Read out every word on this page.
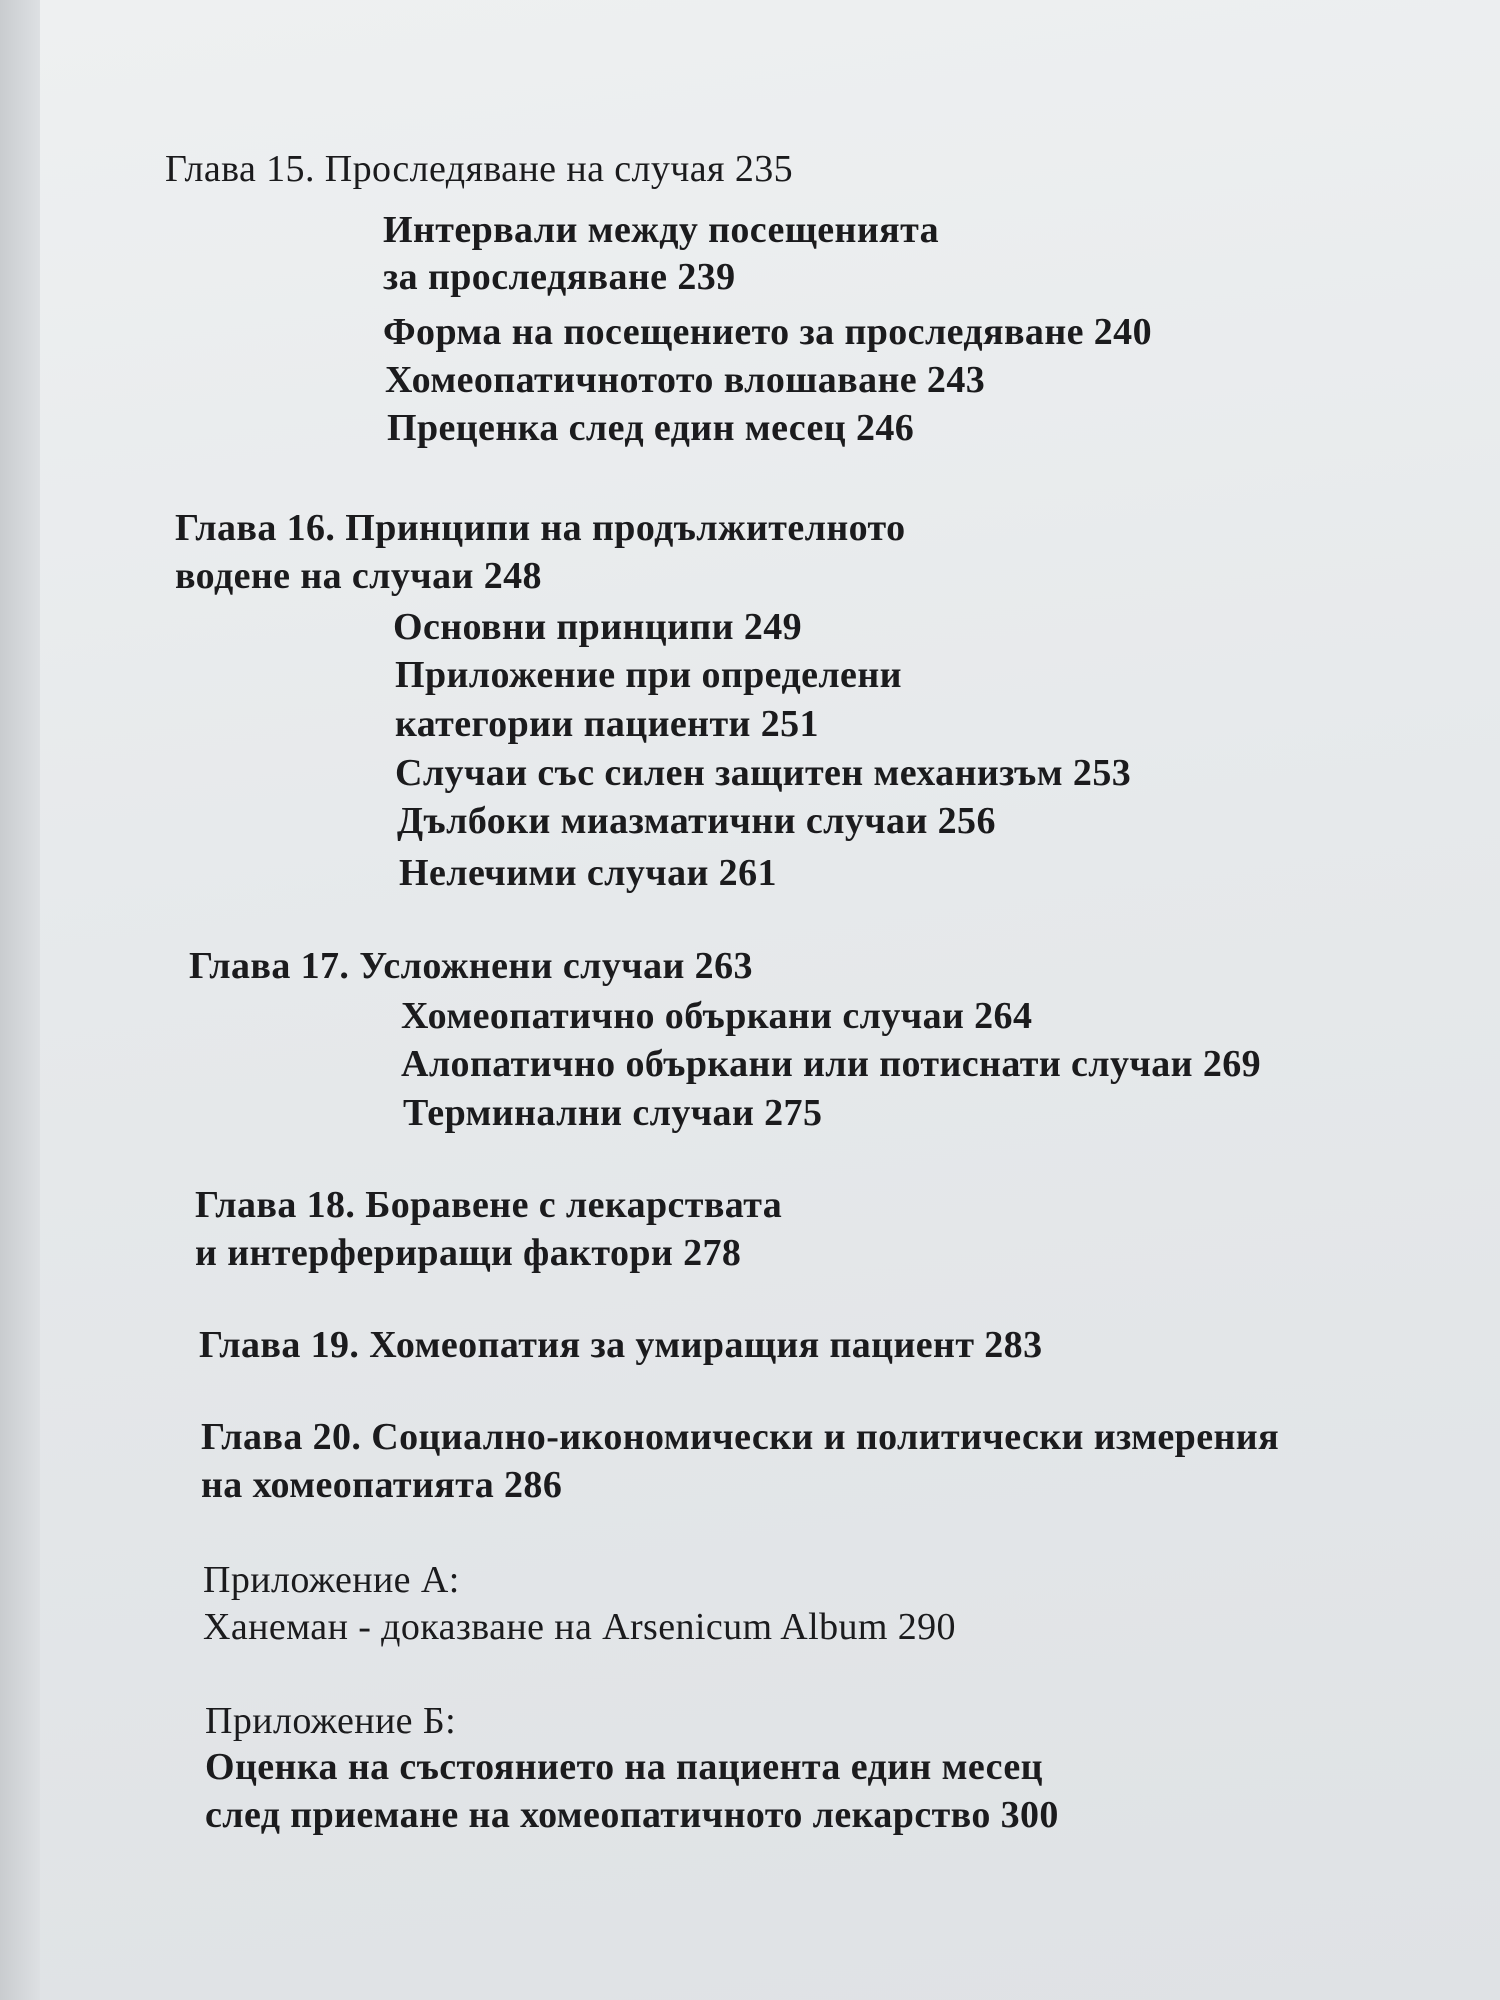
Глава 15. Проследяване на случая 235
Интервали между посещенията
за проследяване 239
Форма на посещението за проследяване 240
Хомеопатичнотото влошаване 243
Преценка след един месец 246
Глава 16. Принципи на продължителното
водене на случаи 248
Основни принципи 249
Приложение при определени
категории пациенти 251
Случаи със силен защитен механизъм 253
Дълбоки миазматични случаи 256
Нелечими случаи 261
Глава 17. Усложнени случаи 263
Хомеопатично объркани случаи 264
Алопатично объркани или потиснати случаи 269
Терминални случаи 275
Глава 18. Боравене с лекарствата
и интерфериращи фактори 278
Глава 19. Хомеопатия за умиращия пациент 283
Глава 20. Социално-икономически и политически измерения
на хомеопатията 286
Приложение А:
Ханеман - доказване на Arsenicum Album 290
Приложение Б:
Оценка на състоянието на пациента един месец
след приемане на хомеопатичното лекарство 300
